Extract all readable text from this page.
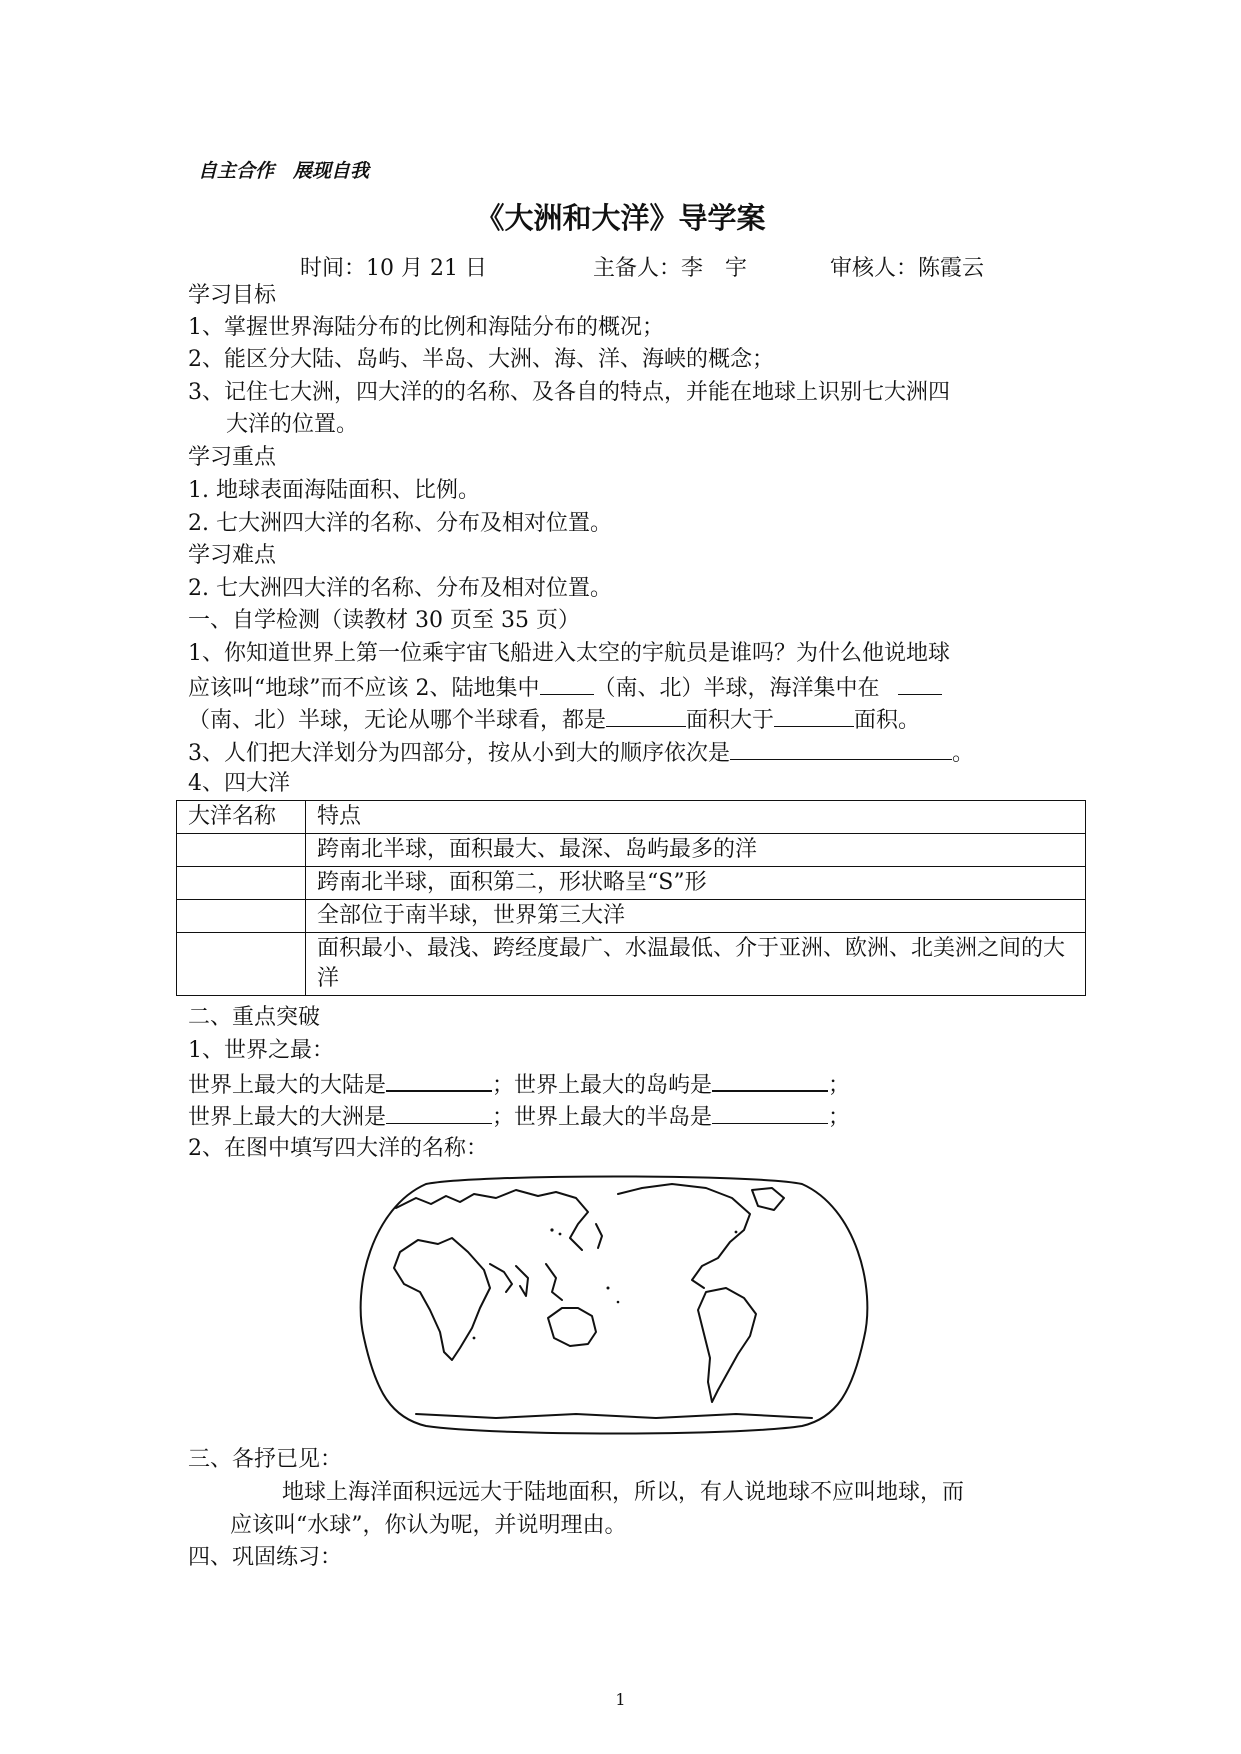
自主合作　展现自我
《大洲和大洋》导学案
时间：10 月 21 日	主备人：李　宇	审核人：陈霞云
学习目标
1、掌握世界海陆分布的比例和海陆分布的概况；
2、能区分大陆、岛屿、半岛、大洲、海、洋、海峡的概念；
3、记住七大洲，四大洋的的名称、及各自的特点，并能在地球上识别七大洲四
大洋的位置。
学习重点
1. 地球表面海陆面积、比例。
2. 七大洲四大洋的名称、分布及相对位置。
学习难点
2. 七大洲四大洋的名称、分布及相对位置。
一、自学检测（读教材 30 页至 35 页）
1、你知道世界上第一位乘宇宙飞船进入太空的宇航员是谁吗？为什么他说地球
应该叫“地球”而不应该 2、陆地集中 （南、北）半球，海洋集中在
（南、北）半球，无论从哪个半球看，都是	面积大于	面积。
3、人们把大洋划分为四部分，按从小到大的顺序依次是	。
4、四大洋
大洋名称	特点
	跨南北半球，面积最大、最深、岛屿最多的洋
	跨南北半球，面积第二，形状略呈“S”形
	全部位于南半球，世界第三大洋
	面积最小、最浅、跨经度最广、水温最低、介于亚洲、欧洲、北美洲之间的大洋
二、重点突破
1、世界之最：
世界上最大的大陆是	；世界上最大的岛屿是	；
世界上最大的大洲是	；世界上最大的半岛是	；
2、在图中填写四大洋的名称：
三、各抒已见：
地球上海洋面积远远大于陆地面积，所以，有人说地球不应叫地球，而
应该叫“水球”，你认为呢，并说明理由。
四、巩固练习：
1
